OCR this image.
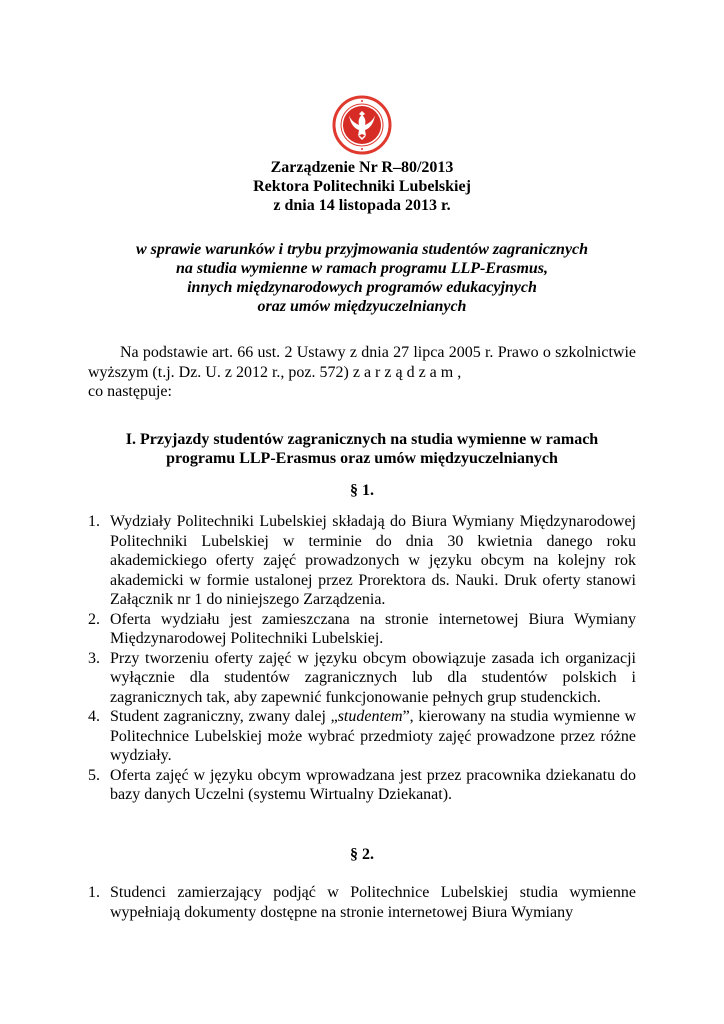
Zarządzenie Nr R–80/2013
Rektora Politechniki Lubelskiej
z dnia 14 listopada 2013 r.
w sprawie warunków i trybu przyjmowania studentów zagranicznych
na studia wymienne w ramach programu LLP-Erasmus,
innych międzynarodowych programów edukacyjnych
oraz umów międzyuczelnianych

Na podstawie art. 66 ust. 2 Ustawy z dnia 27 lipca 2005 r. Prawo o szkolnictwie wyższym (t.j. Dz. U. z 2012 r., poz. 572) zarządzam,
co następuje:

I. Przyjazdy studentów zagranicznych na studia wymienne w ramach
programu LLP-Erasmus oraz umów międzyuczelnianych
§ 1.
1. Wydziały Politechniki Lubelskiej składają do Biura Wymiany Międzynarodowej Politechniki Lubelskiej w terminie do dnia 30 kwietnia danego roku akademickiego oferty zajęć prowadzonych w języku obcym na kolejny rok akademicki w formie ustalonej przez Prorektora ds. Nauki. Druk oferty stanowi Załącznik nr 1 do niniejszego Zarządzenia.
2. Oferta wydziału jest zamieszczana na stronie internetowej Biura Wymiany Międzynarodowej Politechniki Lubelskiej.
3. Przy tworzeniu oferty zajęć w języku obcym obowiązuje zasada ich organizacji wyłącznie dla studentów zagranicznych lub dla studentów polskich i zagranicznych tak, aby zapewnić funkcjonowanie pełnych grup studenckich.
4. Student zagraniczny, zwany dalej „studentem”, kierowany na studia wymienne w Politechnice Lubelskiej może wybrać przedmioty zajęć prowadzone przez różne wydziały.
5. Oferta zajęć w języku obcym wprowadzana jest przez pracownika dziekanatu do bazy danych Uczelni (systemu Wirtualny Dziekanat).
§ 2.
1. Studenci zamierzający podjąć w Politechnice Lubelskiej studia wymienne wypełniają dokumenty dostępne na stronie internetowej Biura Wymiany
